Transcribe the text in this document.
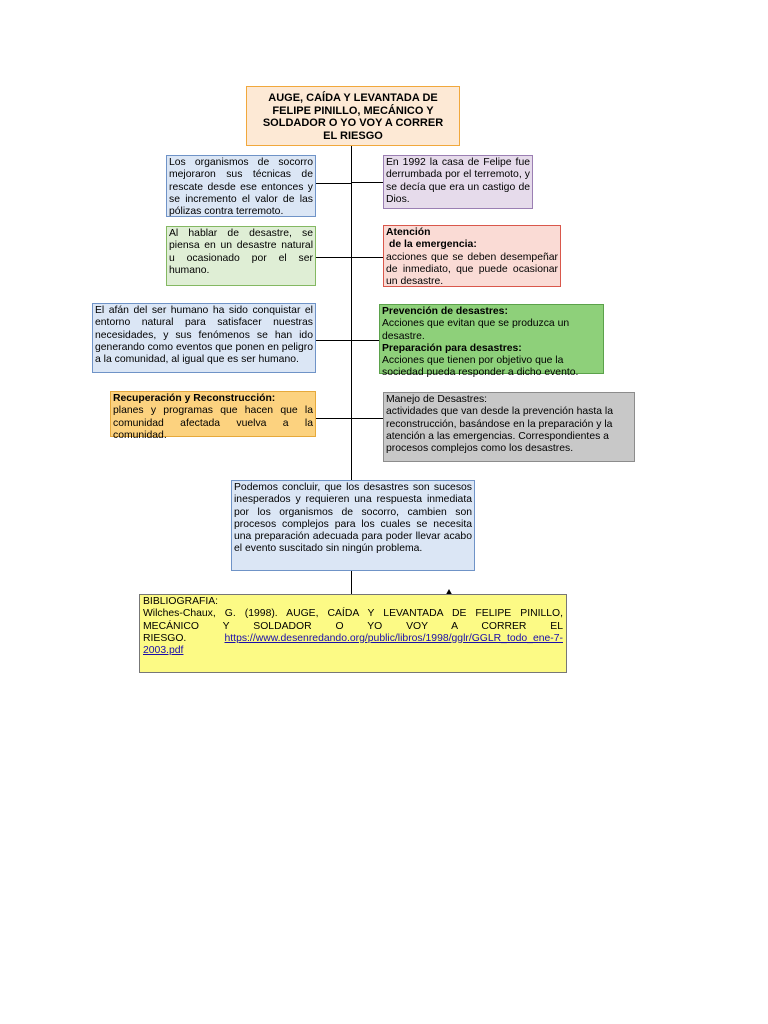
AUGE, CAÍDA Y LEVANTADA DE
FELIPE PINILLO, MECÁNICO Y
SOLDADOR O YO VOY A CORRER
EL RIESGO
Los organismos de socorro mejoraron sus técnicas de rescate desde ese entonces y se incremento el valor de las pólizas contra terremoto.
Al hablar de desastre, se piensa en un desastre natural u ocasionado por el ser humano.
El afán del ser humano ha sido conquistar el entorno natural para satisfacer nuestras necesidades, y sus fenómenos se han ido generando como eventos que ponen en peligro a la comunidad, al igual que es ser humano.
Recuperación y Reconstrucción:
planes y programas que hacen que la comunidad afectada vuelva a la comunidad.
En 1992 la casa de Felipe fue derrumbada por el terremoto, y se decía que era un castigo de Dios.
Atención
de la emergencia:
acciones que se deben desempeñar de inmediato, que puede ocasionar un desastre.
Prevención de desastres:
Acciones que evitan que se produzca un desastre.
Preparación para desastres:
Acciones que tienen por objetivo que la sociedad pueda responder a dicho evento.
Manejo de Desastres:
actividades que van desde la prevención hasta la reconstrucción, basándose en la preparación y la atención a las emergencias. Correspondientes a procesos complejos como los desastres.
Podemos concluir, que los desastres son sucesos inesperados y requieren una respuesta inmediata por los organismos de socorro, cambien son procesos complejos para los cuales se necesita una preparación adecuada para poder llevar acabo el evento suscitado sin ningún problema.
BIBLIOGRAFIA:
Wilches-Chaux, G. (1998). AUGE, CAÍDA Y LEVANTADA DE FELIPE PINILLO, MECÁNICO Y SOLDADOR O YO VOY A CORRER EL RIESGO.	https://www.desenredando.org/public/libros/1998/gglr/GGLR_todo_ene-7-2003.pdf
